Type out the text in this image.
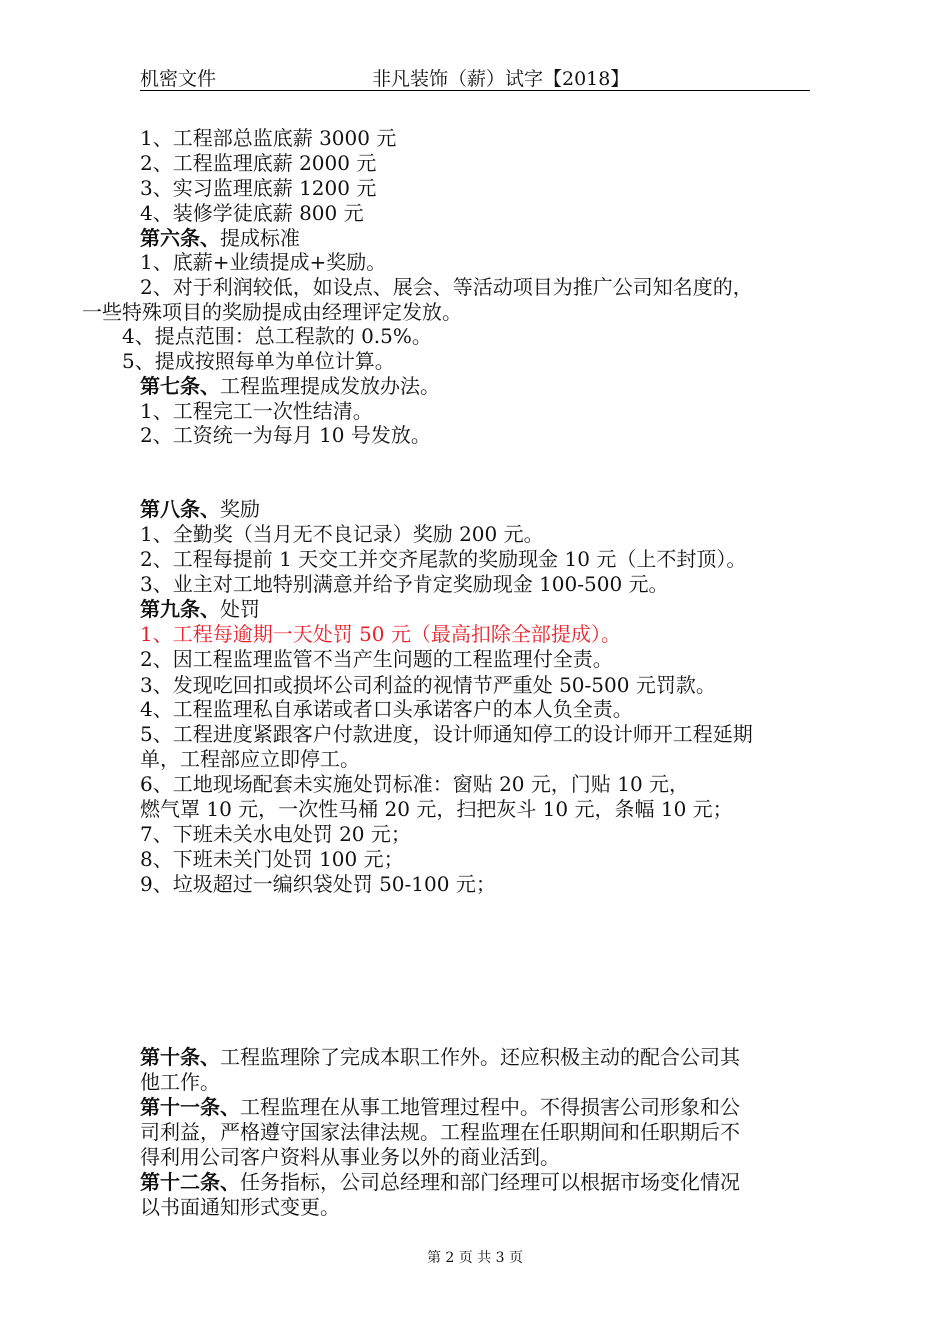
机密文件	非凡装饰（薪）试字【2018】
1、工程部总监底薪 3000 元
2、工程监理底薪 2000 元
3、实习监理底薪 1200 元
4、装修学徒底薪 800 元
第六条、提成标准
1、底薪+业绩提成+奖励。
2、对于利润较低，如设点、展会、等活动项目为推广公司知名度的，
一些特殊项目的奖励提成由经理评定发放。
4、提点范围：总工程款的 0.5%。
5、提成按照每单为单位计算。
第七条、工程监理提成发放办法。
1、工程完工一次性结清。
2、工资统一为每月 10 号发放。
第八条、奖励
1、全勤奖（当月无不良记录）奖励 200 元。
2、工程每提前 1 天交工并交齐尾款的奖励现金 10 元（上不封顶）。
3、业主对工地特别满意并给予肯定奖励现金 100-500 元。
第九条、处罚
1、工程每逾期一天处罚 50 元（最高扣除全部提成）。
2、因工程监理监管不当产生问题的工程监理付全责。
3、发现吃回扣或损坏公司利益的视情节严重处 50-500 元罚款。
4、工程监理私自承诺或者口头承诺客户的本人负全责。
5、工程进度紧跟客户付款进度，设计师通知停工的设计师开工程延期
单，工程部应立即停工。
6、工地现场配套未实施处罚标准：窗贴 20 元，门贴 10 元，
燃气罩 10 元，一次性马桶 20 元，扫把灰斗 10 元，条幅 10 元；
7、下班未关水电处罚 20 元；
8、下班未关门处罚 100 元；
9、垃圾超过一编织袋处罚 50-100 元；
第十条、工程监理除了完成本职工作外。还应积极主动的配合公司其
他工作。
第十一条、工程监理在从事工地管理过程中。不得损害公司形象和公
司利益，严格遵守国家法律法规。工程监理在任职期间和任职期后不
得利用公司客户资料从事业务以外的商业活到。
第十二条、任务指标，公司总经理和部门经理可以根据市场变化情况
以书面通知形式变更。
第 2 页 共 3 页
